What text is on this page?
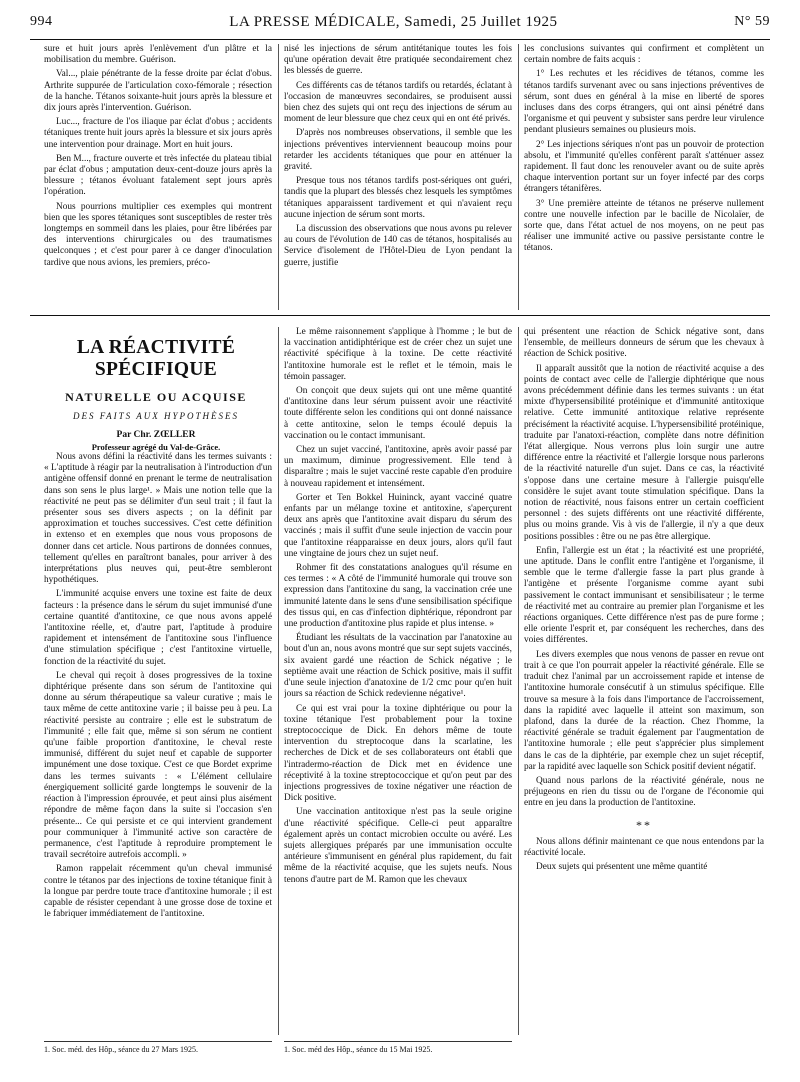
994	LA PRESSE MÉDICALE, Samedi, 25 Juillet 1925	N° 59

sure et huit jours après l'enlèvement d'un plâtre et la mobilisation du membre. Guérison.

Val..., plaie pénétrante de la fesse droite par éclat d'obus. Arthrite suppurée de l'articulation coxo-fémorale ; résection de la hanche. Tétanos soixante-huit jours après la blessure et dix jours après l'intervention. Guérison.

Luc..., fracture de l'os iliaque par éclat d'obus ; accidents tétaniques trente huit jours après la blessure et six jours après une intervention pour drainage. Mort en huit jours.

Ben M..., fracture ouverte et très infectée du plateau tibial par éclat d'obus ; amputation deux-cent-douze jours après la blessure ; tétanos évoluant fatalement sept jours après l'opération.

Nous pourrions multiplier ces exemples qui montrent bien que les spores tétaniques sont susceptibles de rester très longtemps en sommeil dans les plaies, pour être libérées par des interventions chirurgicales ou des traumatismes quelconques ; et c'est pour parer à ce danger d'inoculation tardive que nous avions, les premiers, préco-

nisé les injections de sérum antitétanique toutes les fois qu'une opération devait être pratiquée secondairement chez les blessés de guerre.

Ces différents cas de tétanos tardifs ou retardés, éclatant à l'occasion de manœuvres secondaires, se produisent aussi bien chez des sujets qui ont reçu des injections de sérum au moment de leur blessure que chez ceux qui en ont été privés.

D'après nos nombreuses observations, il semble que les injections préventives interviennent beaucoup moins pour retarder les accidents tétaniques que pour en atténuer la gravité.

Presque tous nos tétanos tardifs post-sériques ont guéri, tandis que la plupart des blessés chez lesquels les symptômes tétaniques apparaissent tardivement et qui n'avaient reçu aucune injection de sérum sont morts.

La discussion des observations que nous avons pu relever au cours de l'évolution de 140 cas de tétanos, hospitalisés au Service d'isolement de l'Hôtel-Dieu de Lyon pendant la guerre, justifie

les conclusions suivantes qui confirment et complètent un certain nombre de faits acquis :

1° Les rechutes et les récidives de tétanos, comme les tétanos tardifs survenant avec ou sans injections préventives de sérum, sont dues en général à la mise en liberté de spores incluses dans des corps étrangers, qui ont ainsi pénétré dans l'organisme et qui peuvent y subsister sans perdre leur virulence pendant plusieurs semaines ou plusieurs mois.

2° Les injections sériques n'ont pas un pouvoir de protection absolu, et l'immunité qu'elles confèrent paraît s'atténuer assez rapidement. Il faut donc les renouveler avant ou de suite après chaque intervention portant sur un foyer infecté par des corps étrangers tétanifères.

3° Une première atteinte de tétanos ne préserve nullement contre une nouvelle infection par le bacille de Nicolaïer, de sorte que, dans l'état actuel de nos moyens, on ne peut pas réaliser une immunité active ou passive persistante contre le tétanos.

LA RÉACTIVITÉ SPÉCIFIQUE
NATURELLE OU ACQUISE
DES FAITS AUX HYPOTHÈSES
Par Chr. ZŒLLER
Professeur agrégé du Val-de-Grâce.

Nous avons défini la réactivité dans les termes suivants : « L'aptitude à réagir par la neutralisation à l'introduction d'un antigène offensif donné en prenant le terme de neutralisation dans son sens le plus large¹. » Mais une notion telle que la réactivité ne peut pas se délimiter d'un seul trait ; il faut la présenter sous ses divers aspects ; on la définit par approximation et touches successives. C'est cette définition in extenso et en exemples que nous vous proposons de donner dans cet article. Nous partirons de données connues, tellement qu'elles en paraîtront banales, pour arriver à des interprétations plus neuves qui, peut-être sembleront hypothétiques.

L'immunité acquise envers une toxine est faite de deux facteurs : la présence dans le sérum du sujet immunisé d'une certaine quantité d'antitoxine, ce que nous avons appelé l'antitoxine réelle, et, d'autre part, l'aptitude à produire rapidement et intensément de l'antitoxine sous l'influence d'une stimulation spécifique ; c'est l'antitoxine virtuelle, fonction de la réactivité du sujet.

Le cheval qui reçoit à doses progressives de la toxine diphtérique présente dans son sérum de l'antitoxine qui donne au sérum thérapeutique sa valeur curative ; mais le taux même de cette antitoxine varie ; il baisse peu à peu. La réactivité persiste au contraire ; elle est le substratum de l'immunité ; elle fait que, même si son sérum ne contient qu'une faible proportion d'antitoxine, le cheval reste immunisé, différent du sujet neuf et capable de supporter impunément une dose toxique. C'est ce que Bordet exprime dans les termes suivants : « L'élément cellulaire énergiquement sollicité garde longtemps le souvenir de la réaction à l'impression éprouvée, et peut ainsi plus aisément répondre de même façon dans la suite si l'occasion s'en présente... Ce qui persiste et ce qui intervient grandement pour communiquer à l'immunité active son caractère de permanence, c'est l'aptitude à reproduire promptement le travail secrétoire autrefois accompli. »

Ramon rappelait récemment qu'un cheval immunisé contre le tétanos par des injections de toxine tétanique finit à la longue par perdre toute trace d'antitoxine humorale ; il est capable de résister cependant à une grosse dose de toxine et le fabriquer immédiatement de l'antitoxine.

Le même raisonnement s'applique à l'homme ; le but de la vaccination antidiphtérique est de créer chez un sujet une réactivité spécifique à la toxine. De cette réactivité l'antitoxine humorale est le reflet et le témoin, mais le témoin passager.

On conçoit que deux sujets qui ont une même quantité d'antitoxine dans leur sérum puissent avoir une réactivité toute différente selon les conditions qui ont donné naissance à cette antitoxine, selon le temps écoulé depuis la vaccination ou le contact immunisant.

Chez un sujet vacciné, l'antitoxine, après avoir passé par un maximum, diminue progressivement. Elle tend à disparaître ; mais le sujet vacciné reste capable d'en produire à nouveau rapidement et intensément.

Gorter et Ten Bokkel Huininck, ayant vacciné quatre enfants par un mélange toxine et antitoxine, s'aperçurent deux ans après que l'antitoxine avait disparu du sérum des vaccinés ; mais il suffit d'une seule injection de vaccin pour que l'antitoxine réapparaisse en deux jours, alors qu'il faut une vingtaine de jours chez un sujet neuf.

Rohmer fit des constatations analogues qu'il résume en ces termes : « A côté de l'immunité humorale qui trouve son expression dans l'antitoxine du sang, la vaccination crée une immunité latente dans le sens d'une sensibilisation spécifique des tissus qui, en cas d'infection diphtérique, répondront par une production d'antitoxine plus rapide et plus intense. »

Étudiant les résultats de la vaccination par l'anatoxine au bout d'un an, nous avons montré que sur sept sujets vaccinés, six avaient gardé une réaction de Schick négative ; le septième avait une réaction de Schick positive, mais il suffit d'une seule injection d'anatoxine de 1/2 cmc pour qu'en huit jours sa réaction de Schick redevienne négative¹.

Ce qui est vrai pour la toxine diphtérique ou pour la toxine tétanique l'est probablement pour la toxine streptococcique de Dick. En dehors même de toute intervention du streptocoque dans la scarlatine, les recherches de Dick et de ses collaborateurs ont établi que l'intradermo-réaction de Dick met en évidence une réceptivité à la toxine streptococcique et qu'on peut par des injections progressives de toxine négativer une réaction de Dick positive.

Une vaccination antitoxique n'est pas la seule origine d'une réactivité spécifique. Celle-ci peut apparaître également après un contact microbien occulte ou avéré. Les sujets allergiques préparés par une immunisation occulte antérieure s'immunisent en général plus rapidement, du fait même de la réactivité acquise, que les sujets neufs. Nous tenons d'autre part de M. Ramon que les chevaux

qui présentent une réaction de Schick négative sont, dans l'ensemble, de meilleurs donneurs de sérum que les chevaux à réaction de Schick positive.

Il apparaît aussitôt que la notion de réactivité acquise a des points de contact avec celle de l'allergie diphtérique que nous avons précédemment définie dans les termes suivants : un état mixte d'hypersensibilité protéinique et d'immunité antitoxique relative. Cette immunité antitoxique relative représente précisément la réactivité acquise. L'hypersensibilité protéinique, traduite par l'anatoxi-réaction, complète dans notre définition l'état allergique. Nous verrons plus loin surgir une autre différence entre la réactivité et l'allergie lorsque nous parlerons de la réactivité naturelle d'un sujet. Dans ce cas, la réactivité s'oppose dans une certaine mesure à l'allergie puisqu'elle considère le sujet avant toute stimulation spécifique. Dans la notion de réactivité, nous faisons entrer un certain coefficient personnel : des sujets différents ont une réactivité différente, plus ou moins grande. Vis à vis de l'allergie, il n'y a que deux positions possibles : être ou ne pas être allergique.

Enfin, l'allergie est un état ; la réactivité est une propriété, une aptitude. Dans le conflit entre l'antigène et l'organisme, il semble que le terme d'allergie fasse la part plus grande à l'antigène et présente l'organisme comme ayant subi passivement le contact immunisant et sensibilisateur ; le terme de réactivité met au contraire au premier plan l'organisme et les réactions organiques. Cette différence n'est pas de pure forme ; elle oriente l'esprit et, par conséquent les recherches, dans des voies différentes.

Les divers exemples que nous venons de passer en revue ont trait à ce que l'on pourrait appeler la réactivité générale. Elle se traduit chez l'animal par un accroissement rapide et intense de l'antitoxine humorale consécutif à un stimulus spécifique. Elle trouve sa mesure à la fois dans l'importance de l'accroissement, dans la rapidité avec laquelle il atteint son maximum, son plafond, dans la durée de la réaction. Chez l'homme, la réactivité générale se traduit également par l'augmentation de l'antitoxine humorale ; elle peut s'apprécier plus simplement dans le cas de la diphtérie, par exemple chez un sujet réceptif, par la rapidité avec laquelle son Schick positif devient négatif.

Quand nous parlons de la réactivité générale, nous ne préjugeons en rien du tissu ou de l'organe de l'économie qui entre en jeu dans la production de l'antitoxine.

**

Nous allons définir maintenant ce que nous entendons par la réactivité locale.

Deux sujets qui présentent une même quantité

1. Soc. méd. des Hôp., séance du 27 Mars 1925.	1. Soc. méd des Hôp., séance du 15 Mai 1925.
